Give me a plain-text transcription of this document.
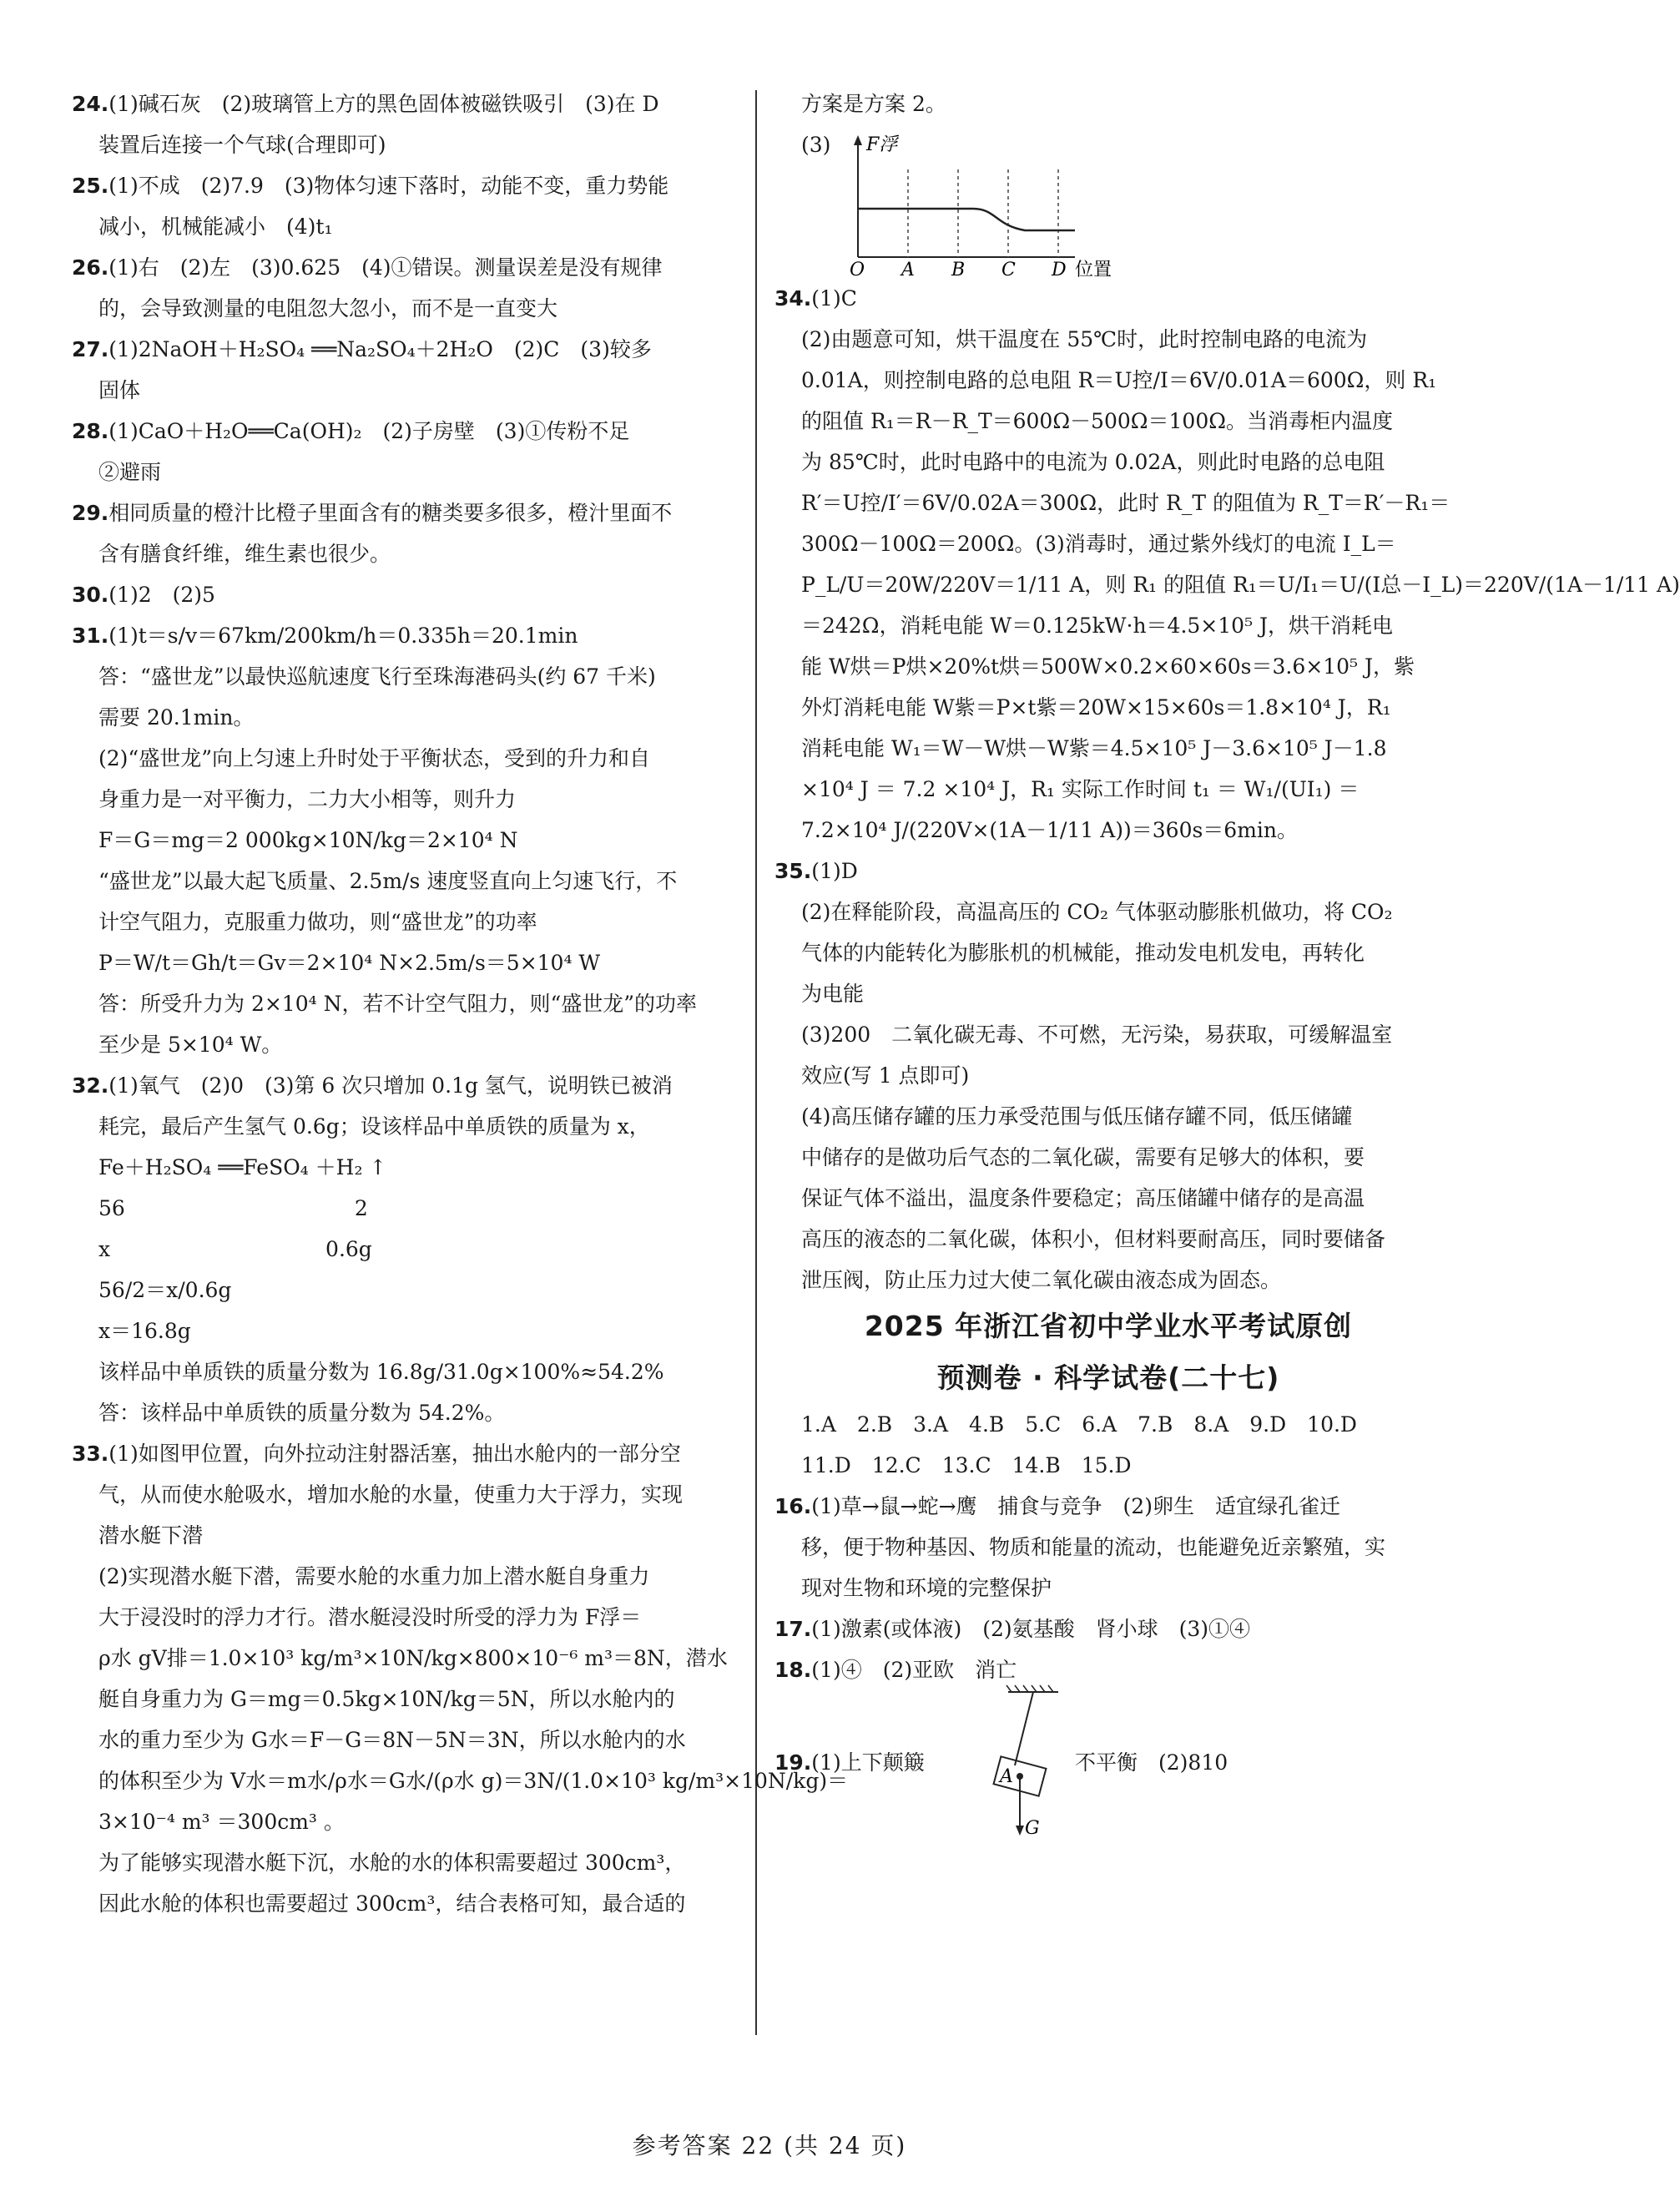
24.(1)碱石灰　(2)玻璃管上方的黑色固体被磁铁吸引　(3)在 D
装置后连接一个气球(合理即可)
25.(1)不成　(2)7.9　(3)物体匀速下落时，动能不变，重力势能
减小，机械能减小　(4)t₁
26.(1)右　(2)左　(3)0.625　(4)①错误。测量误差是没有规律
的，会导致测量的电阻忽大忽小，而不是一直变大
27.(1)2NaOH＋H₂SO₄ ══Na₂SO₄＋2H₂O　(2)C　(3)较多
固体
28.(1)CaO＋H₂O══Ca(OH)₂　(2)子房壁　(3)①传粉不足
②避雨
29.相同质量的橙汁比橙子里面含有的糖类要多很多，橙汁里面不
含有膳食纤维，维生素也很少。
30.(1)2　(2)5
31.(1)t＝s/v＝67km/200km/h＝0.335h＝20.1min
答：“盛世龙”以最快巡航速度飞行至珠海港码头(约 67 千米)
需要 20.1min。
(2)“盛世龙”向上匀速上升时处于平衡状态，受到的升力和自
身重力是一对平衡力，二力大小相等，则升力
F＝G＝mg＝2 000kg×10N/kg＝2×10⁴ N
“盛世龙”以最大起飞质量、2.5m/s 速度竖直向上匀速飞行，不
计空气阻力，克服重力做功，则“盛世龙”的功率
P＝W/t＝Gh/t＝Gv＝2×10⁴ N×2.5m/s＝5×10⁴ W
答：所受升力为 2×10⁴ N，若不计空气阻力，则“盛世龙”的功率
至少是 5×10⁴ W。
32.(1)氧气　(2)0　(3)第 6 次只增加 0.1g 氢气，说明铁已被消
耗完，最后产生氢气 0.6g；设该样品中单质铁的质量为 x，
Fe＋H₂SO₄ ══FeSO₄ ＋H₂ ↑
56　　　　　　　　　　　2
x　　　　　　　　　　 0.6g
56/2＝x/0.6g
x＝16.8g
该样品中单质铁的质量分数为 16.8g/31.0g×100%≈54.2%
答：该样品中单质铁的质量分数为 54.2%。
33.(1)如图甲位置，向外拉动注射器活塞，抽出水舱内的一部分空
气，从而使水舱吸水，增加水舱的水量，使重力大于浮力，实现
潜水艇下潜
(2)实现潜水艇下潜，需要水舱的水重力加上潜水艇自身重力
大于浸没时的浮力才行。潜水艇浸没时所受的浮力为 F浮＝
ρ水 gV排＝1.0×10³ kg/m³×10N/kg×800×10⁻⁶ m³＝8N，潜水
艇自身重力为 G＝mg＝0.5kg×10N/kg＝5N，所以水舱内的
水的重力至少为 G水＝F－G＝8N－5N＝3N，所以水舱内的水
的体积至少为 V水＝m水/ρ水＝G水/(ρ水 g)＝3N/(1.0×10³ kg/m³×10N/kg)＝
3×10⁻⁴ m³ ＝300cm³ 。
为了能够实现潜水艇下沉，水舱的水的体积需要超过 300cm³，
因此水舱的体积也需要超过 300cm³，结合表格可知，最合适的
方案是方案 2。
(3)	F浮
O A B C D 位置
34.(1)C
(2)由题意可知，烘干温度在 55℃时，此时控制电路的电流为
0.01A，则控制电路的总电阻 R＝U控/I＝6V/0.01A＝600Ω，则 R₁
的阻值 R₁＝R－R_T＝600Ω－500Ω＝100Ω。当消毒柜内温度
为 85℃时，此时电路中的电流为 0.02A，则此时电路的总电阻
R′＝U控/I′＝6V/0.02A＝300Ω，此时 R_T 的阻值为 R_T＝R′－R₁＝
300Ω－100Ω＝200Ω。(3)消毒时，通过紫外线灯的电流 I_L＝
P_L/U＝20W/220V＝1/11 A，则 R₁ 的阻值 R₁＝U/I₁＝U/(I总－I_L)＝220V/(1A－1/11 A)
＝242Ω，消耗电能 W＝0.125kW·h＝4.5×10⁵ J，烘干消耗电
能 W烘＝P烘×20%t烘＝500W×0.2×60×60s＝3.6×10⁵ J，紫
外灯消耗电能 W紫＝P×t紫＝20W×15×60s＝1.8×10⁴ J，R₁
消耗电能 W₁＝W－W烘－W紫＝4.5×10⁵ J－3.6×10⁵ J－1.8
×10⁴ J ＝ 7.2 ×10⁴ J，R₁ 实际工作时间 t₁ ＝ W₁/(UI₁) ＝
7.2×10⁴ J/(220V×(1A－1/11 A))＝360s＝6min。
35.(1)D
(2)在释能阶段，高温高压的 CO₂ 气体驱动膨胀机做功，将 CO₂
气体的内能转化为膨胀机的机械能，推动发电机发电，再转化
为电能
(3)200　二氧化碳无毒、不可燃，无污染，易获取，可缓解温室
效应(写 1 点即可)
(4)高压储存罐的压力承受范围与低压储存罐不同，低压储罐
中储存的是做功后气态的二氧化碳，需要有足够大的体积，要
保证气体不溢出，温度条件要稳定；高压储罐中储存的是高温
高压的液态的二氧化碳，体积小，但材料要耐高压，同时要储备
泄压阀，防止压力过大使二氧化碳由液态成为固态。
2025 年浙江省初中学业水平考试原创
预测卷 · 科学试卷(二十七)
1.A　2.B　3.A　4.B　5.C　6.A　7.B　8.A　9.D　10.D
11.D　12.C　13.C　14.B　15.D
16.(1)草→鼠→蛇→鹰　捕食与竞争　(2)卵生　适宜绿孔雀迁
移，便于物种基因、物质和能量的流动，也能避免近亲繁殖，实
现对生物和环境的完整保护
17.(1)激素(或体液)　(2)氨基酸　肾小球　(3)①④
18.(1)④　(2)亚欧　消亡
A
G
19.(1)上下颠簸	不平衡　(2)810
参考答案 22 (共 24 页)
